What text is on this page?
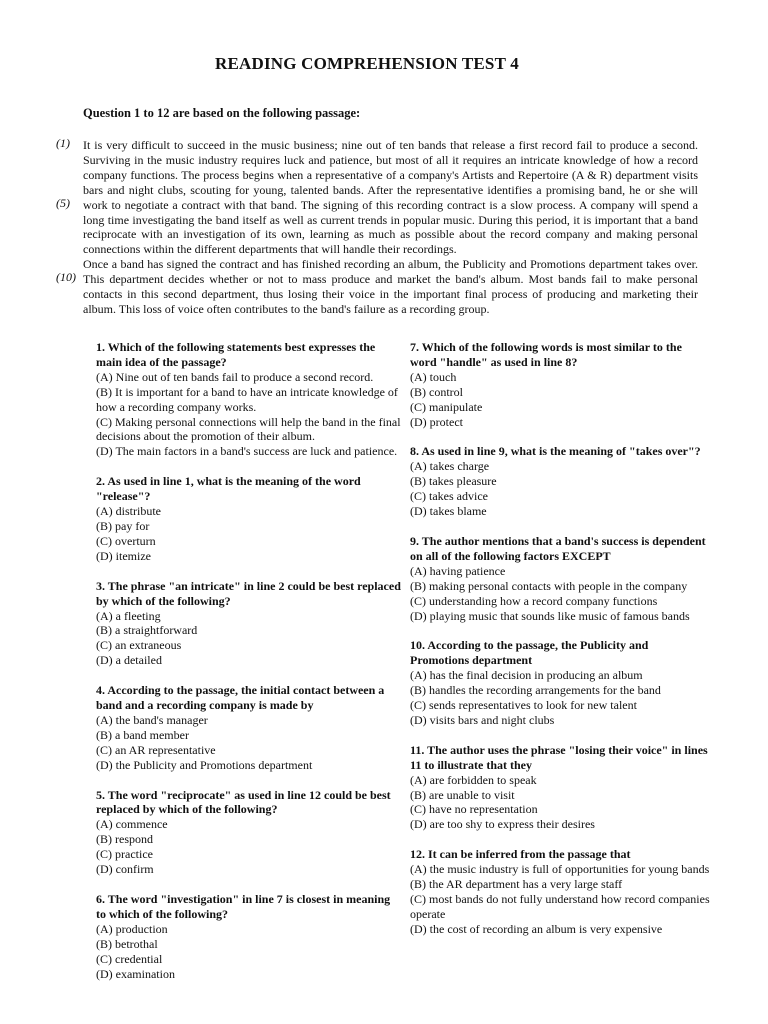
READING COMPREHENSION TEST 4
Question 1 to 12 are based on the following passage:
(1)
(5)
(10)

It is very difficult to succeed in the music business; nine out of ten bands that release a first record fail to produce a second. Surviving in the music industry requires luck and patience, but most of all it requires an intricate knowledge of how a record company functions. The process begins when a representative of a company's Artists and Repertoire (A & R) department visits bars and night clubs, scouting for young, talented bands. After the representative identifies a promising band, he or she will work to negotiate a contract with that band. The signing of this recording contract is a slow process. A company will spend a long time investigating the band itself as well as current trends in popular music. During this period, it is important that a band reciprocate with an investigation of its own, learning as much as possible about the record company and making personal connections within the different departments that will handle their recordings.

Once a band has signed the contract and has finished recording an album, the Publicity and Promotions department takes over. This department decides whether or not to mass produce and market the band's album. Most bands fail to make personal contacts in this second department, thus losing their voice in the important final process of producing and marketing their album. This loss of voice often contributes to the band's failure as a recording group.

1. Which of the following statements best expresses the main idea of the passage?
(A) Nine out of ten bands fail to produce a second record.
(B) It is important for a band to have an intricate knowledge of how a recording company works.
(C) Making personal connections will help the band in the final decisions about the promotion of their album.
(D) The main factors in a band's success are luck and patience.
2. As used in line 1, what is the meaning of the word "release"?
(A) distribute
(B) pay for
(C) overturn
(D) itemize
3. The phrase "an intricate" in line 2 could be best replaced by which of the following?
(A) a fleeting
(B) a straightforward
(C) an extraneous
(D) a detailed
4. According to the passage, the initial contact between a band and a recording company is made by
(A) the band's manager
(B) a band member
(C) an AR representative
(D) the Publicity and Promotions department
5. The word "reciprocate" as used in line 12 could be best replaced by which of the following?
(A) commence
(B) respond
(C) practice
(D) confirm
6. The word "investigation" in line 7 is closest in meaning to which of the following?
(A) production
(B) betrothal
(C) credential
(D) examination
7. Which of the following words is most similar to the word "handle" as used in line 8?
(A) touch
(B) control
(C) manipulate
(D) protect
8. As used in line 9, what is the meaning of "takes over"?
(A) takes charge
(B) takes pleasure
(C) takes advice
(D) takes blame
9. The author mentions that a band's success is dependent on all of the following factors EXCEPT
(A) having patience
(B) making personal contacts with people in the company
(C) understanding how a record company functions
(D) playing music that sounds like music of famous bands
10. According to the passage, the Publicity and Promotions department
(A) has the final decision in producing an album
(B) handles the recording arrangements for the band
(C) sends representatives to look for new talent
(D) visits bars and night clubs
11. The author uses the phrase "losing their voice" in lines 11 to illustrate that they
(A) are forbidden to speak
(B) are unable to visit
(C) have no representation
(D) are too shy to express their desires
12. It can be inferred from the passage that
(A) the music industry is full of opportunities for young bands
(B) the AR department has a very large staff
(C) most bands do not fully understand how record companies operate
(D) the cost of recording an album is very expensive
